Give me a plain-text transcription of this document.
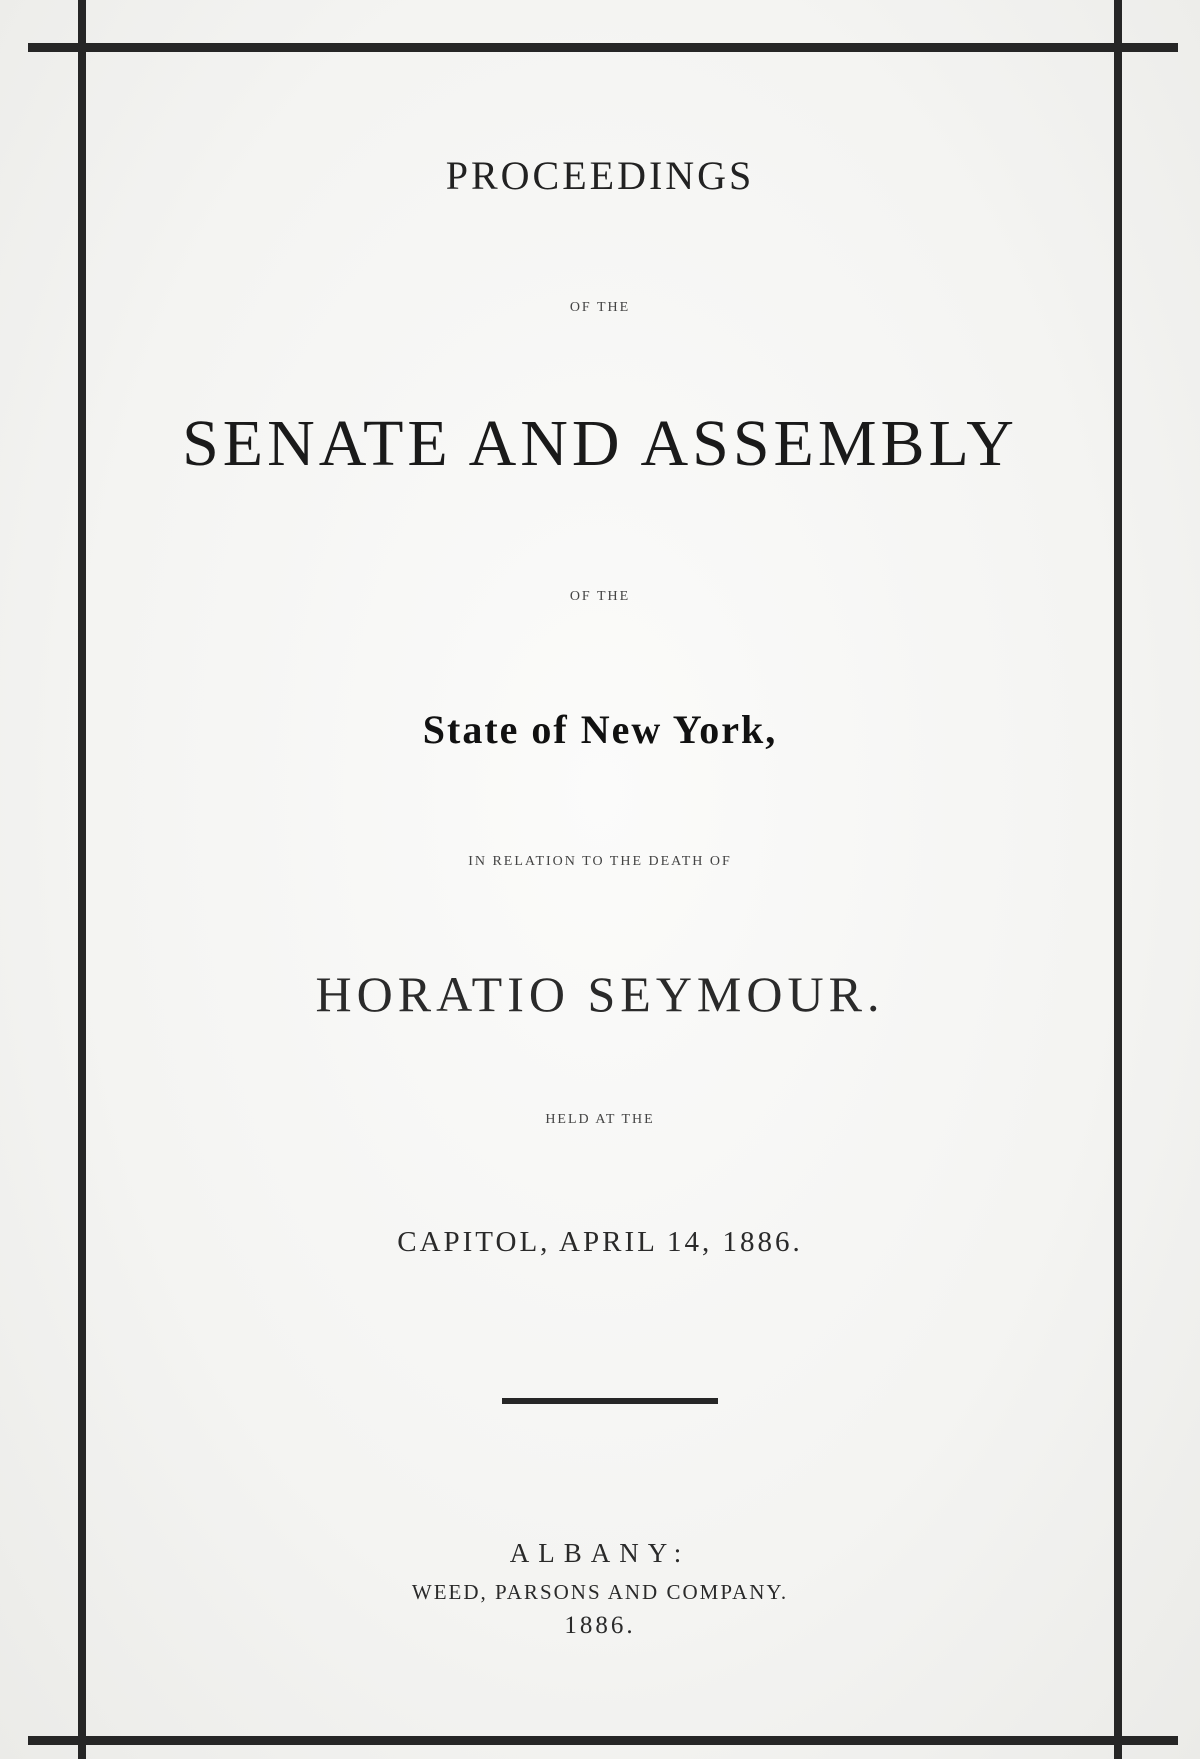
PROCEEDINGS
OF THE
SENATE AND ASSEMBLY
OF THE
State of New York,
IN RELATION TO THE DEATH OF
HORATIO SEYMOUR.
HELD AT THE
CAPITOL, APRIL 14, 1886.
ALBANY:
WEED, PARSONS AND COMPANY.
1886.
